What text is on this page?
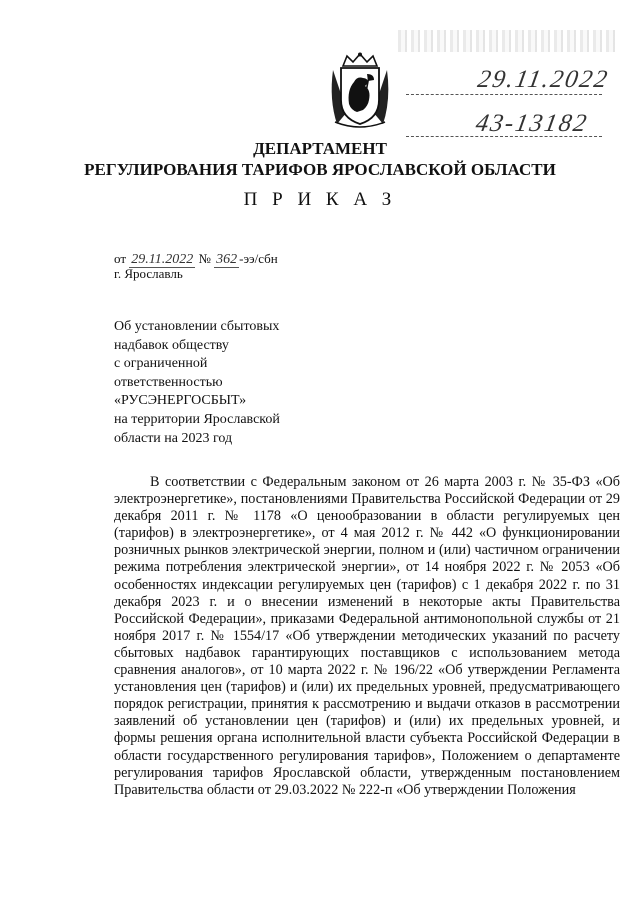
29.11.2022
43-13182
ДЕПАРТАМЕНТ
РЕГУЛИРОВАНИЯ ТАРИФОВ ЯРОСЛАВСКОЙ ОБЛАСТИ
П Р И К А З
от 29.11.2022 № 362 -ээ/сбн
г. Ярославль
Об установлении сбытовых
надбавок обществу
с ограниченной
ответственностью
«РУСЭНЕРГОСБЫТ»
на территории Ярославской
области на 2023 год

В соответствии с Федеральным законом от 26 марта 2003 г. № 35-ФЗ «Об электроэнергетике», постановлениями Правительства Российской Федерации от 29 декабря 2011 г. № 1178 «О ценообразовании в области регулируемых цен (тарифов) в электроэнергетике», от 4 мая 2012 г. № 442 «О функционировании розничных рынков электрической энергии, полном и (или) частичном ограничении режима потребления электрической энергии», от 14 ноября 2022 г. № 2053 «Об особенностях индексации регулируемых цен (тарифов) с 1 декабря 2022 г. по 31 декабря 2023 г. и о внесении изменений в некоторые акты Правительства Российской Федерации», приказами Федеральной антимонопольной службы от 21 ноября 2017 г. № 1554/17 «Об утверждении методических указаний по расчету сбытовых надбавок гарантирующих поставщиков с использованием метода сравнения аналогов», от 10 марта 2022 г. № 196/22 «Об утверждении Регламента установления цен (тарифов) и (или) их предельных уровней, предусматривающего порядок регистрации, принятия к рассмотрению и выдачи отказов в рассмотрении заявлений об установлении цен (тарифов) и (или) их предельных уровней, и формы решения органа исполнительной власти субъекта Российской Федерации в области государственного регулирования тарифов», Положением о департаменте регулирования тарифов Ярославской области, утвержденным постановлением Правительства области от 29.03.2022 № 222-п «Об утверждении Положения
